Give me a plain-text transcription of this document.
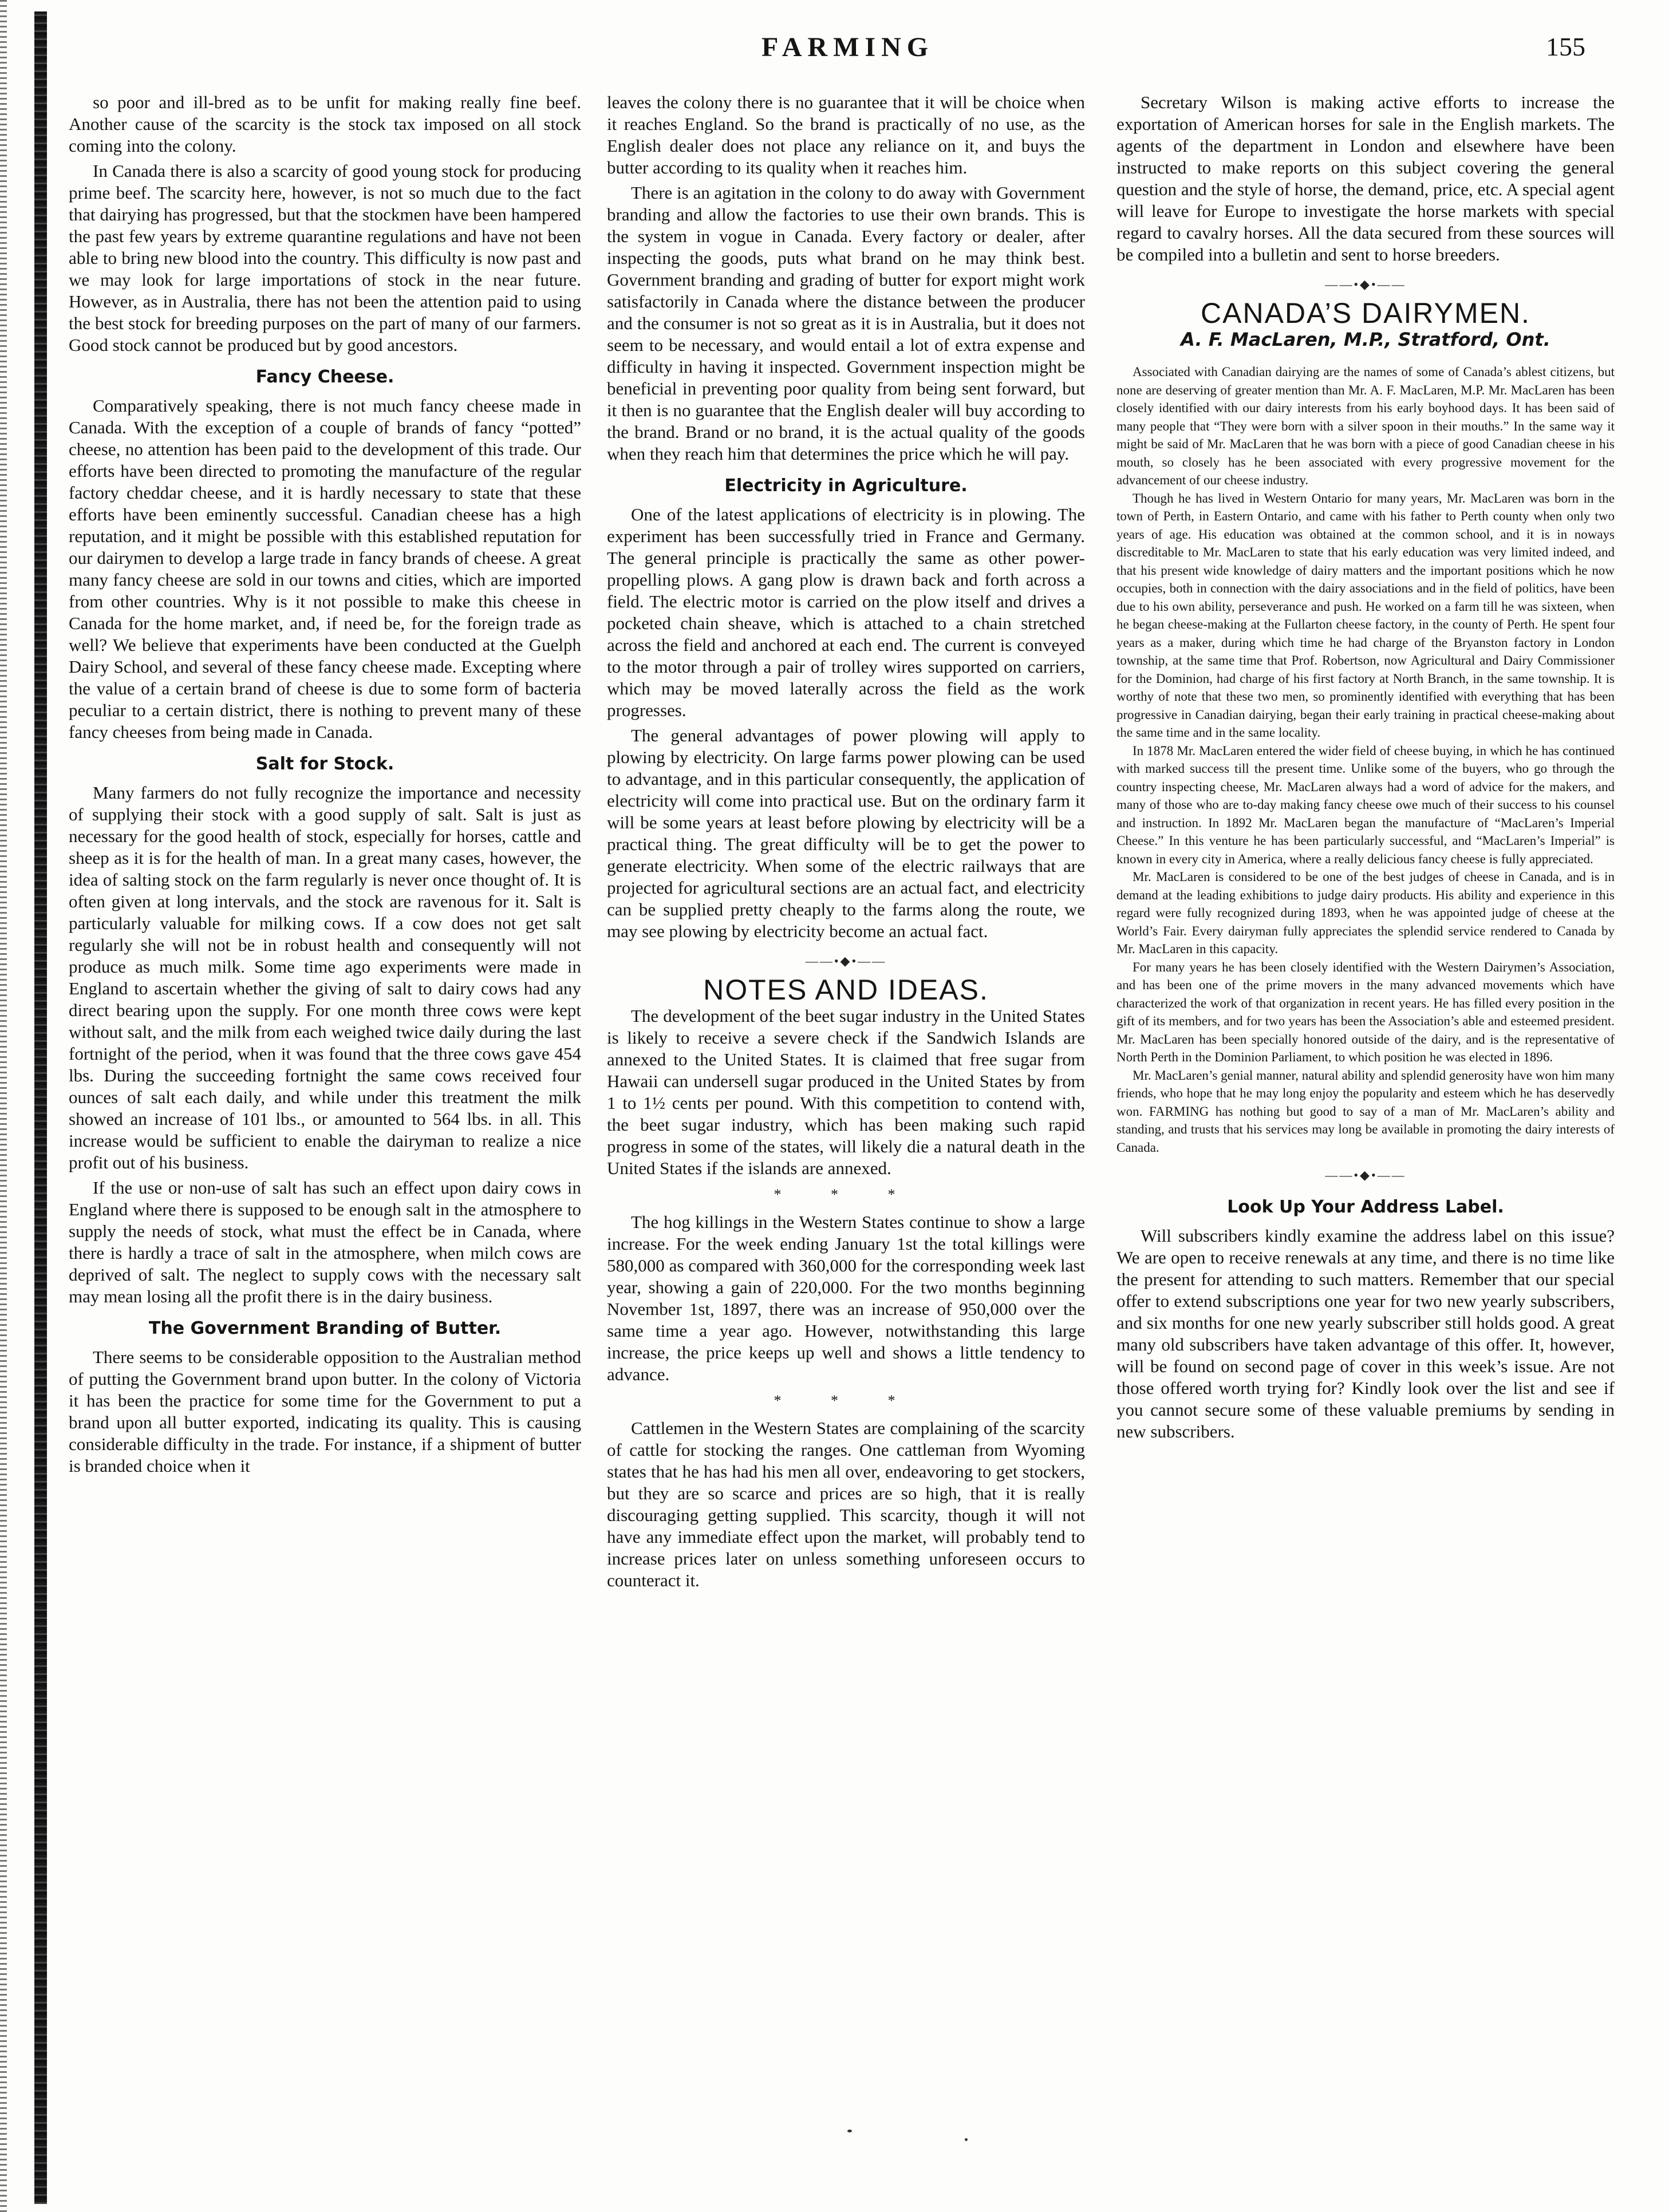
FARMING	155

so poor and ill-bred as to be unfit for making really fine beef. Another cause of the scarcity is the stock tax imposed on all stock coming into the colony.

In Canada there is also a scarcity of good young stock for producing prime beef. The scarcity here, however, is not so much due to the fact that dairying has progressed, but that the stockmen have been hampered the past few years by extreme quarantine regulations and have not been able to bring new blood into the country. This difficulty is now past and we may look for large importations of stock in the near future. However, as in Australia, there has not been the attention paid to using the best stock for breeding purposes on the part of many of our farmers. Good stock cannot be produced but by good ancestors.

Fancy Cheese.

Comparatively speaking, there is not much fancy cheese made in Canada. With the exception of a couple of brands of fancy “potted” cheese, no attention has been paid to the development of this trade. Our efforts have been directed to promoting the manufacture of the regular factory cheddar cheese, and it is hardly necessary to state that these efforts have been eminently successful. Canadian cheese has a high reputation, and it might be possible with this established reputation for our dairymen to develop a large trade in fancy brands of cheese. A great many fancy cheese are sold in our towns and cities, which are imported from other countries. Why is it not possible to make this cheese in Canada for the home market, and, if need be, for the foreign trade as well? We believe that experiments have been conducted at the Guelph Dairy School, and several of these fancy cheese made. Excepting where the value of a certain brand of cheese is due to some form of bacteria peculiar to a certain district, there is nothing to prevent many of these fancy cheeses from being made in Canada.

Salt for Stock.

Many farmers do not fully recognize the importance and necessity of supplying their stock with a good supply of salt. Salt is just as necessary for the good health of stock, especially for horses, cattle and sheep as it is for the health of man. In a great many cases, however, the idea of salting stock on the farm regularly is never once thought of. It is often given at long intervals, and the stock are ravenous for it. Salt is particularly valuable for milking cows. If a cow does not get salt regularly she will not be in robust health and consequently will not produce as much milk. Some time ago experiments were made in England to ascertain whether the giving of salt to dairy cows had any direct bearing upon the supply. For one month three cows were kept without salt, and the milk from each weighed twice daily during the last fortnight of the period, when it was found that the three cows gave 454 lbs. During the succeeding fortnight the same cows received four ounces of salt each daily, and while under this treatment the milk showed an increase of 101 lbs., or amounted to 564 lbs. in all. This increase would be sufficient to enable the dairyman to realize a nice profit out of his business.

If the use or non-use of salt has such an effect upon dairy cows in England where there is supposed to be enough salt in the atmosphere to supply the needs of stock, what must the effect be in Canada, where there is hardly a trace of salt in the atmosphere, when milch cows are deprived of salt. The neglect to supply cows with the necessary salt may mean losing all the profit there is in the dairy business.

The Government Branding of Butter.

There seems to be considerable opposition to the Australian method of putting the Government brand upon butter. In the colony of Victoria it has been the practice for some time for the Government to put a brand upon all butter exported, indicating its quality. This is causing considerable difficulty in the trade. For instance, if a shipment of butter is branded choice when it

leaves the colony there is no guarantee that it will be choice when it reaches England. So the brand is practically of no use, as the English dealer does not place any reliance on it, and buys the butter according to its quality when it reaches him.

There is an agitation in the colony to do away with Government branding and allow the factories to use their own brands. This is the system in vogue in Canada. Every factory or dealer, after inspecting the goods, puts what brand on he may think best. Government branding and grading of butter for export might work satisfactorily in Canada where the distance between the producer and the consumer is not so great as it is in Australia, but it does not seem to be necessary, and would entail a lot of extra expense and difficulty in having it inspected. Government inspection might be beneficial in preventing poor quality from being sent forward, but it then is no guarantee that the English dealer will buy according to the brand. Brand or no brand, it is the actual quality of the goods when they reach him that determines the price which he will pay.

Electricity in Agriculture.

One of the latest applications of electricity is in plowing. The experiment has been successfully tried in France and Germany. The general principle is practically the same as other power-propelling plows. A gang plow is drawn back and forth across a field. The electric motor is carried on the plow itself and drives a pocketed chain sheave, which is attached to a chain stretched across the field and anchored at each end. The current is conveyed to the motor through a pair of trolley wires supported on carriers, which may be moved laterally across the field as the work progresses.

The general advantages of power plowing will apply to plowing by electricity. On large farms power plowing can be used to advantage, and in this particular consequently, the application of electricity will come into practical use. But on the ordinary farm it will be some years at least before plowing by electricity will be a practical thing. The great difficulty will be to get the power to generate electricity. When some of the electric railways that are projected for agricultural sections are an actual fact, and electricity can be supplied pretty cheaply to the farms along the route, we may see plowing by electricity become an actual fact.

——•◆•——
NOTES AND IDEAS.

The development of the beet sugar industry in the United States is likely to receive a severe check if the Sandwich Islands are annexed to the United States. It is claimed that free sugar from Hawaii can undersell sugar produced in the United States by from 1 to 1½ cents per pound. With this competition to contend with, the beet sugar industry, which has been making such rapid progress in some of the states, will likely die a natural death in the United States if the islands are annexed.

* * *

The hog killings in the Western States continue to show a large increase. For the week ending January 1st the total killings were 580,000 as compared with 360,000 for the corresponding week last year, showing a gain of 220,000. For the two months beginning November 1st, 1897, there was an increase of 950,000 over the same time a year ago. However, notwithstanding this large increase, the price keeps up well and shows a little tendency to advance.

* * *

Cattlemen in the Western States are complaining of the scarcity of cattle for stocking the ranges. One cattleman from Wyoming states that he has had his men all over, endeavoring to get stockers, but they are so scarce and prices are so high, that it is really discouraging getting supplied. This scarcity, though it will not have any immediate effect upon the market, will probably tend to increase prices later on unless something unforeseen occurs to counteract it.

Secretary Wilson is making active efforts to increase the exportation of American horses for sale in the English markets. The agents of the department in London and elsewhere have been instructed to make reports on this subject covering the general question and the style of horse, the demand, price, etc. A special agent will leave for Europe to investigate the horse markets with special regard to cavalry horses. All the data secured from these sources will be compiled into a bulletin and sent to horse breeders.

——•◆•——
CANADA’S DAIRYMEN.
A. F. MacLaren, M.P., Stratford, Ont.

Associated with Canadian dairying are the names of some of Canada’s ablest citizens, but none are deserving of greater mention than Mr. A. F. MacLaren, M.P. Mr. MacLaren has been closely identified with our dairy interests from his early boyhood days. It has been said of many people that “They were born with a silver spoon in their mouths.” In the same way it might be said of Mr. MacLaren that he was born with a piece of good Canadian cheese in his mouth, so closely has he been associated with every progressive movement for the advancement of our cheese industry.

Though he has lived in Western Ontario for many years, Mr. MacLaren was born in the town of Perth, in Eastern Ontario, and came with his father to Perth county when only two years of age. His education was obtained at the common school, and it is in noways discreditable to Mr. MacLaren to state that his early education was very limited indeed, and that his present wide knowledge of dairy matters and the important positions which he now occupies, both in connection with the dairy associations and in the field of politics, have been due to his own ability, perseverance and push. He worked on a farm till he was sixteen, when he began cheese-making at the Fullarton cheese factory, in the county of Perth. He spent four years as a maker, during which time he had charge of the Bryanston factory in London township, at the same time that Prof. Robertson, now Agricultural and Dairy Commissioner for the Dominion, had charge of his first factory at North Branch, in the same township. It is worthy of note that these two men, so prominently identified with everything that has been progressive in Canadian dairying, began their early training in practical cheese-making about the same time and in the same locality.

In 1878 Mr. MacLaren entered the wider field of cheese buying, in which he has continued with marked success till the present time. Unlike some of the buyers, who go through the country inspecting cheese, Mr. MacLaren always had a word of advice for the makers, and many of those who are to-day making fancy cheese owe much of their success to his counsel and instruction. In 1892 Mr. MacLaren began the manufacture of “MacLaren’s Imperial Cheese.” In this venture he has been particularly successful, and “MacLaren’s Imperial” is known in every city in America, where a really delicious fancy cheese is fully appreciated.

Mr. MacLaren is considered to be one of the best judges of cheese in Canada, and is in demand at the leading exhibitions to judge dairy products. His ability and experience in this regard were fully recognized during 1893, when he was appointed judge of cheese at the World’s Fair. Every dairyman fully appreciates the splendid service rendered to Canada by Mr. MacLaren in this capacity.

For many years he has been closely identified with the Western Dairymen’s Association, and has been one of the prime movers in the many advanced movements which have characterized the work of that organization in recent years. He has filled every position in the gift of its members, and for two years has been the Association’s able and esteemed president. Mr. MacLaren has been specially honored outside of the dairy, and is the representative of North Perth in the Dominion Parliament, to which position he was elected in 1896.

Mr. MacLaren’s genial manner, natural ability and splendid generosity have won him many friends, who hope that he may long enjoy the popularity and esteem which he has deservedly won. FARMING has nothing but good to say of a man of Mr. MacLaren’s ability and standing, and trusts that his services may long be available in promoting the dairy interests of Canada.

——•◆•——
Look Up Your Address Label.

Will subscribers kindly examine the address label on this issue? We are open to receive renewals at any time, and there is no time like the present for attending to such matters. Remember that our special offer to extend subscriptions one year for two new yearly subscribers, and six months for one new yearly subscriber still holds good. A great many old subscribers have taken advantage of this offer. It, however, will be found on second page of cover in this week’s issue. Are not those offered worth trying for? Kindly look over the list and see if you cannot secure some of these valuable premiums by sending in new subscribers.
